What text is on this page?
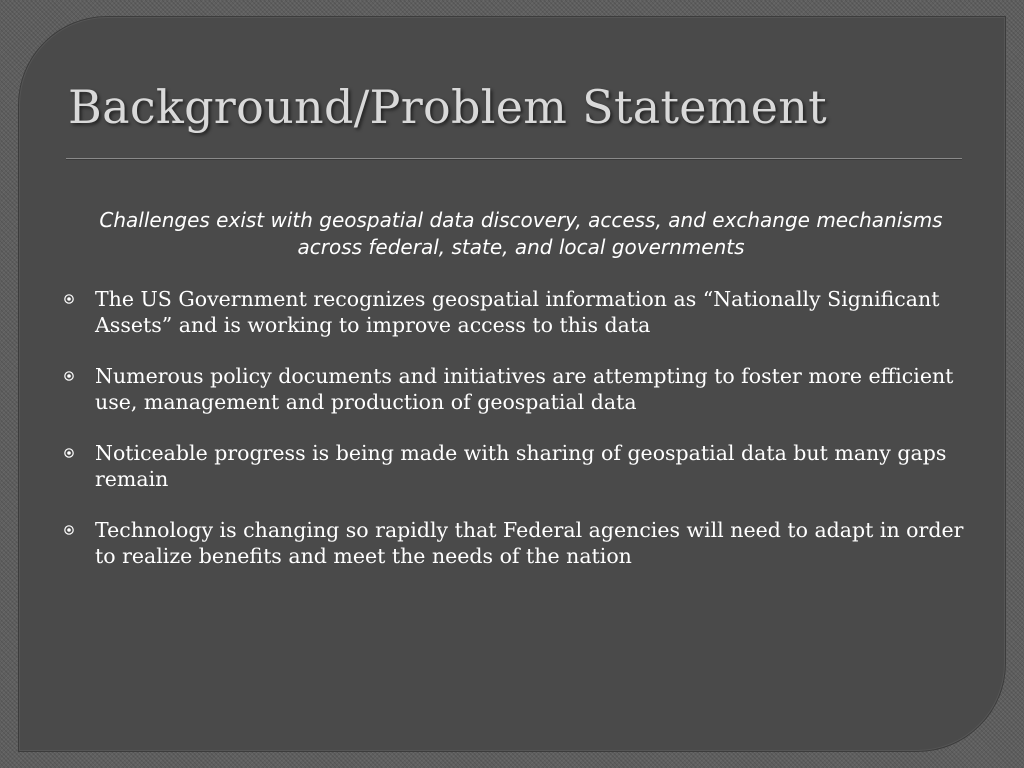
Background/Problem Statement

Challenges exist with geospatial data discovery, access, and exchange mechanisms across federal, state, and local governments

The US Government recognizes geospatial information as “Nationally Significant Assets” and is working to improve access to this data
Numerous policy documents and initiatives are attempting to foster more efficient use, management and production of geospatial data
Noticeable progress is being made with sharing of geospatial data but many gaps remain
Technology is changing so rapidly that Federal agencies will need to adapt in order to realize benefits and meet the needs of the nation
